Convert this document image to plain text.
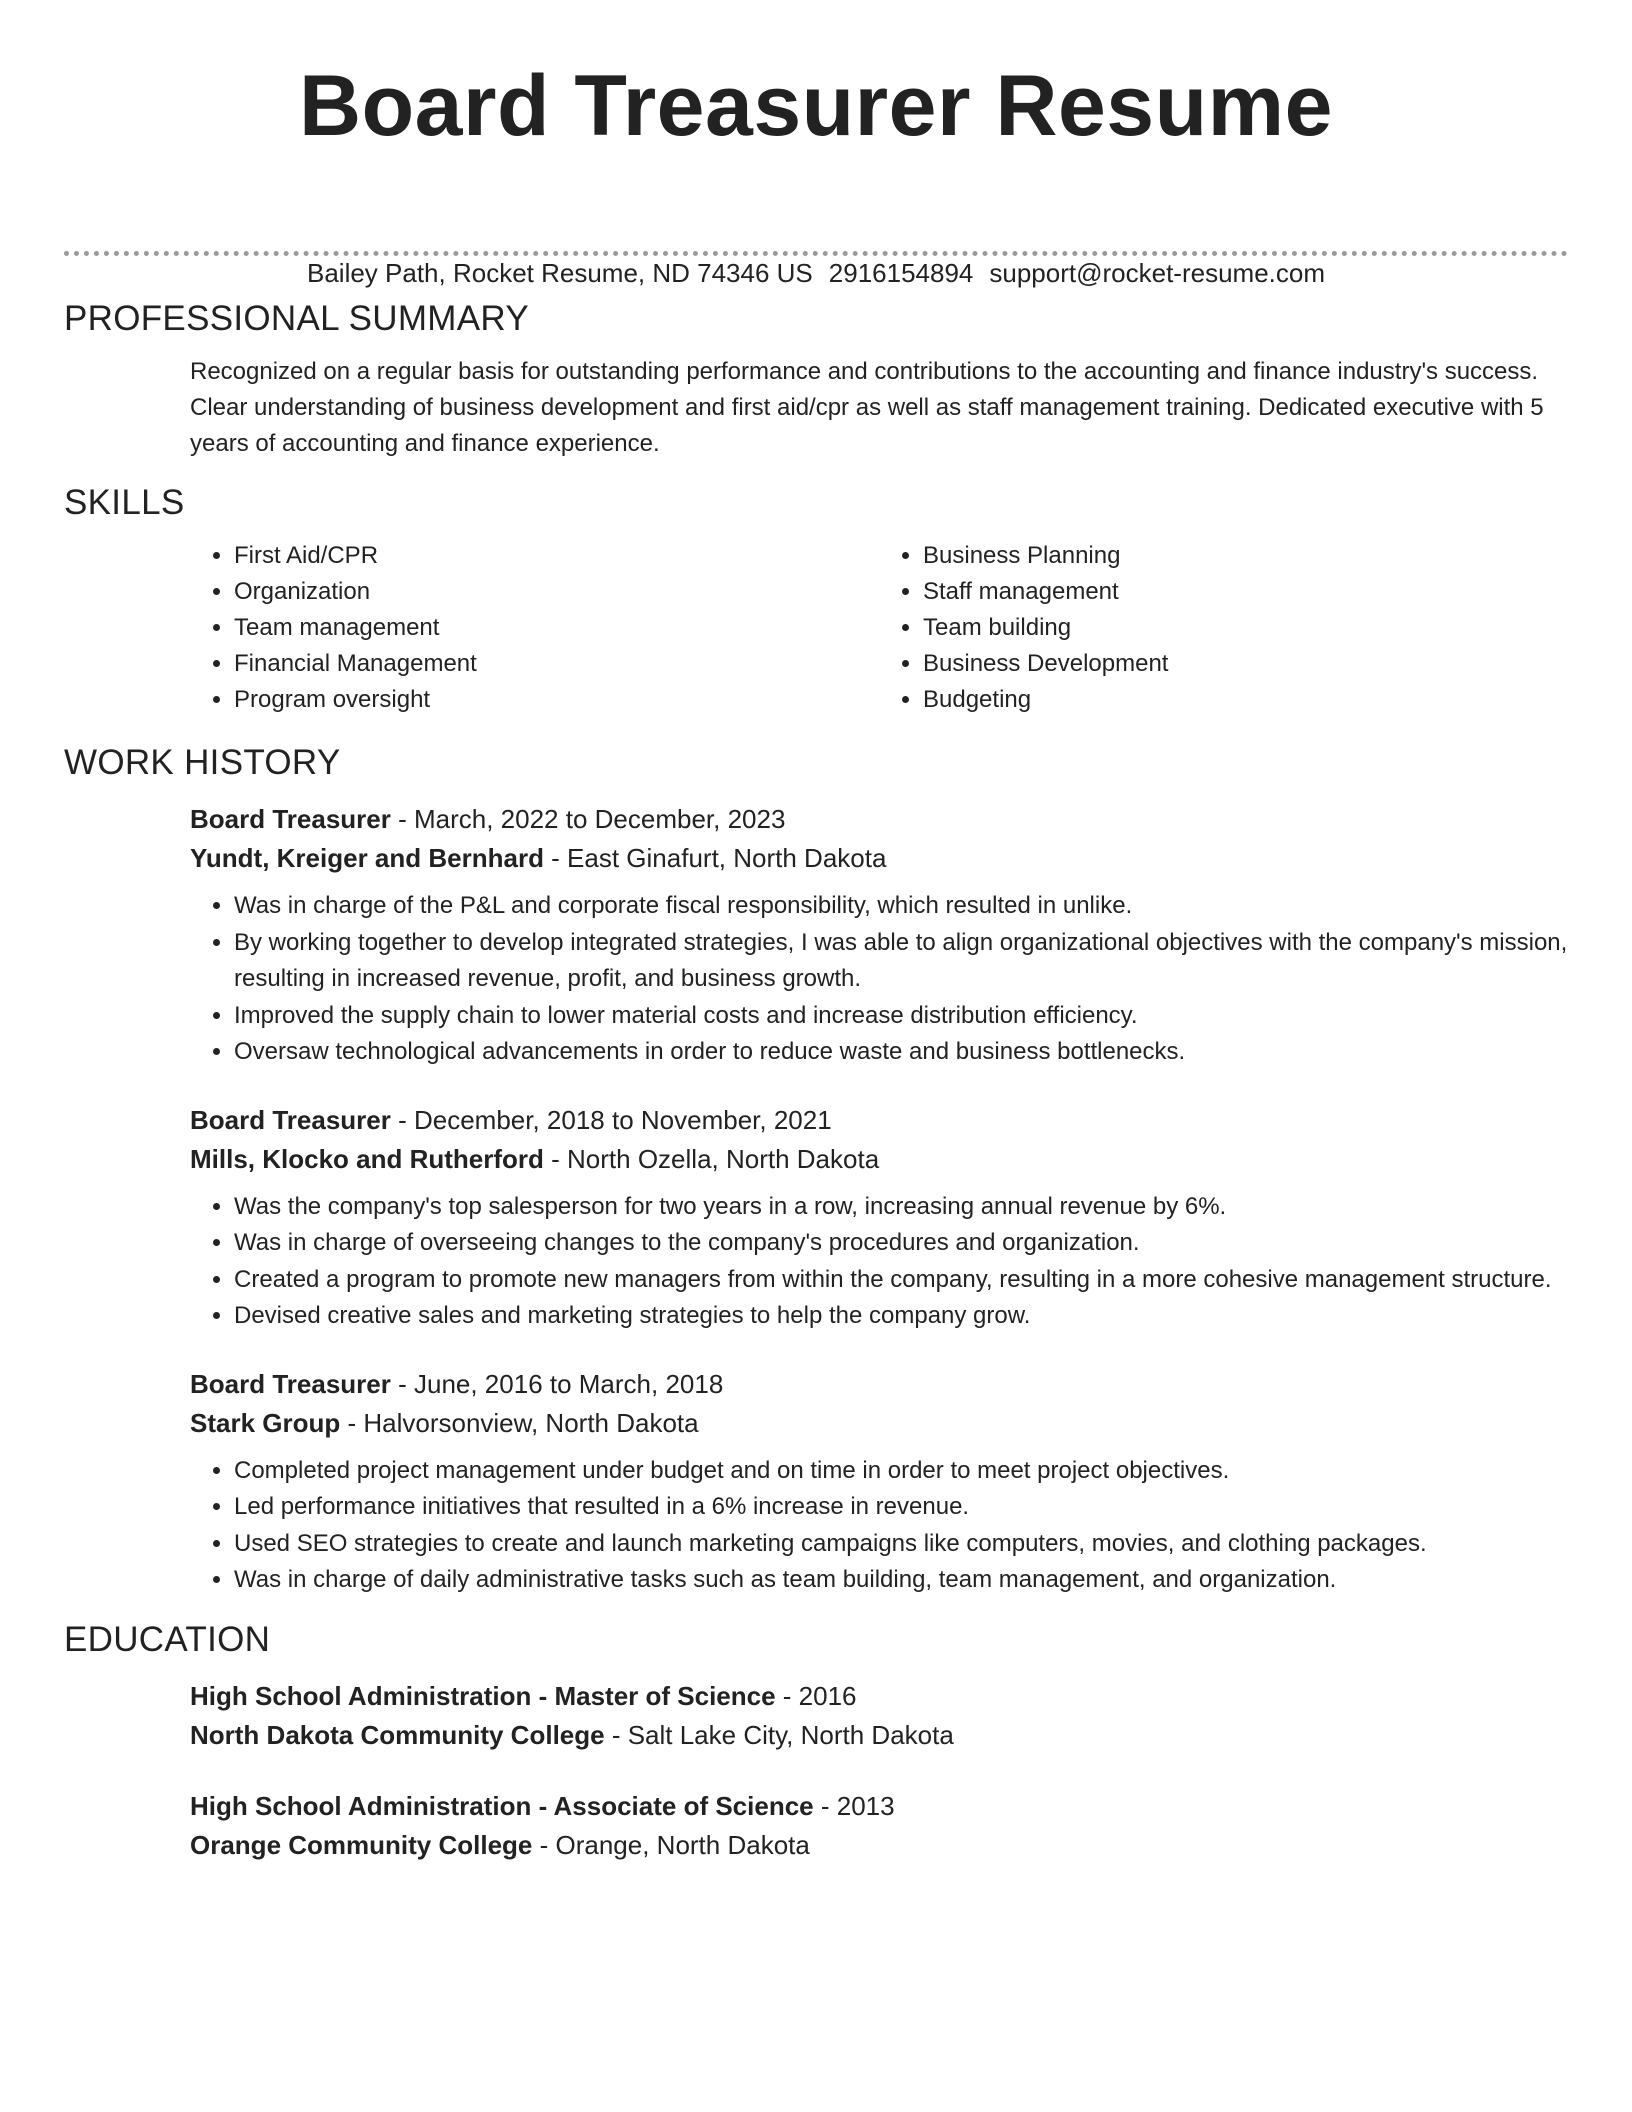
Board Treasurer Resume
Bailey Path, Rocket Resume, ND 74346 US 2916154894 support@rocket-resume.com
PROFESSIONAL SUMMARY

Recognized on a regular basis for outstanding performance and contributions to the accounting and finance industry's success. Clear understanding of business development and first aid/cpr as well as staff management training. Dedicated executive with 5 years of accounting and finance experience.

SKILLS
• First Aid/CPR
• Organization
• Team management
• Financial Management
• Program oversight
• Business Planning
• Staff management
• Team building
• Business Development
• Budgeting
WORK HISTORY
Board Treasurer - March, 2022 to December, 2023
Yundt, Kreiger and Bernhard - East Ginafurt, North Dakota
• Was in charge of the P&L and corporate fiscal responsibility, which resulted in unlike.
• By working together to develop integrated strategies, I was able to align organizational objectives with the company's mission, resulting in increased revenue, profit, and business growth.
• Improved the supply chain to lower material costs and increase distribution efficiency.
• Oversaw technological advancements in order to reduce waste and business bottlenecks.
Board Treasurer - December, 2018 to November, 2021
Mills, Klocko and Rutherford - North Ozella, North Dakota
• Was the company's top salesperson for two years in a row, increasing annual revenue by 6%.
• Was in charge of overseeing changes to the company's procedures and organization.
• Created a program to promote new managers from within the company, resulting in a more cohesive management structure.
• Devised creative sales and marketing strategies to help the company grow.
Board Treasurer - June, 2016 to March, 2018
Stark Group - Halvorsonview, North Dakota
• Completed project management under budget and on time in order to meet project objectives.
• Led performance initiatives that resulted in a 6% increase in revenue.
• Used SEO strategies to create and launch marketing campaigns like computers, movies, and clothing packages.
• Was in charge of daily administrative tasks such as team building, team management, and organization.
EDUCATION
High School Administration - Master of Science - 2016
North Dakota Community College - Salt Lake City, North Dakota
High School Administration - Associate of Science - 2013
Orange Community College - Orange, North Dakota
